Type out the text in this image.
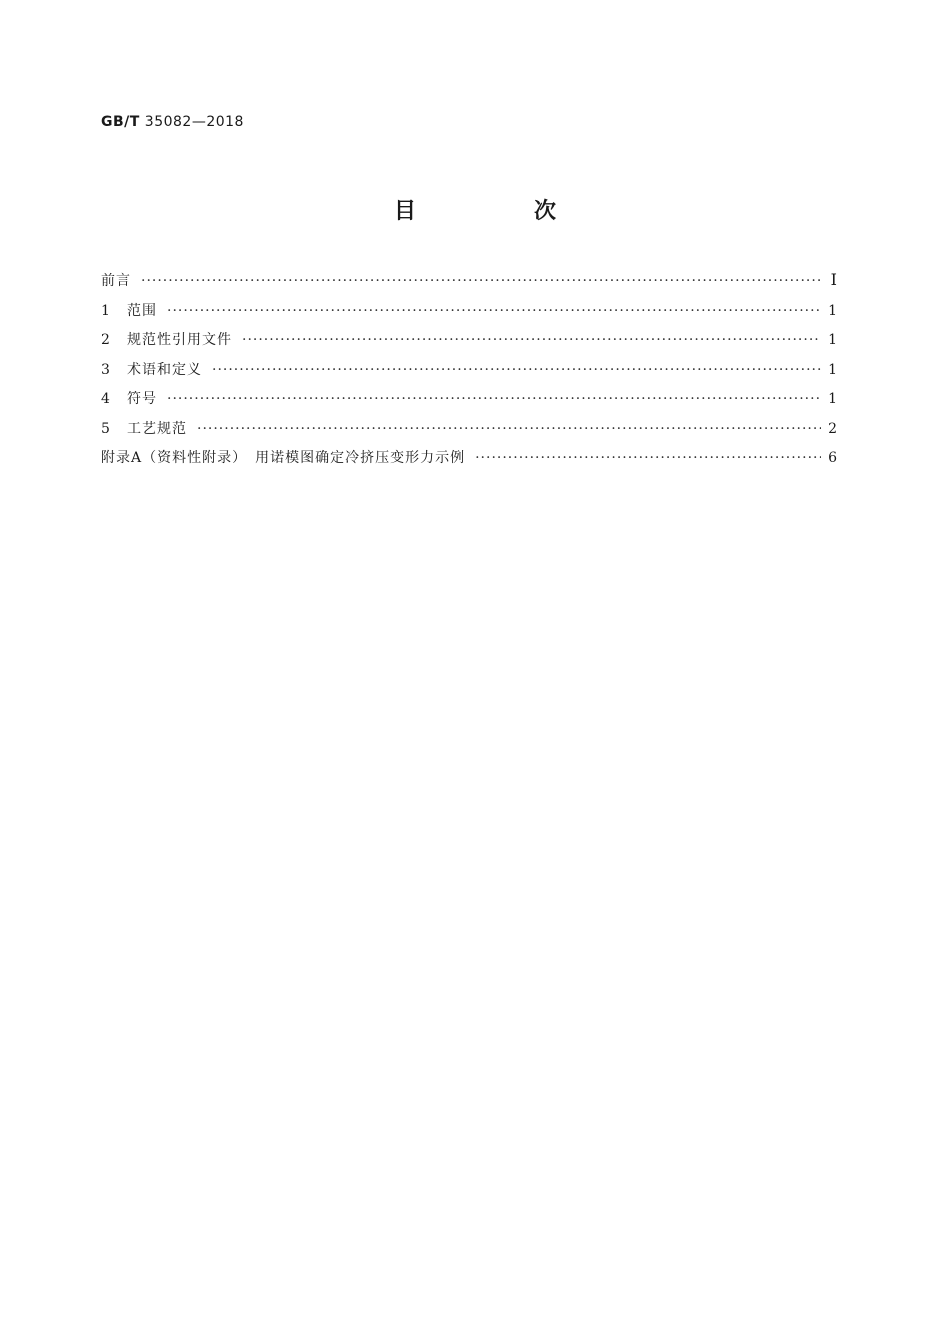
GB/T 35082—2018
目　次
前言 ·····	Ⅰ
1	范围 ·····	1
2	规范性引用文件 ·····	1
3	术语和定义 ·····	1
4	符号 ·····	1
5	工艺规范 ·····	2
附录A（资料性附录）　用诺模图确定冷挤压变形力示例 ·····	6
